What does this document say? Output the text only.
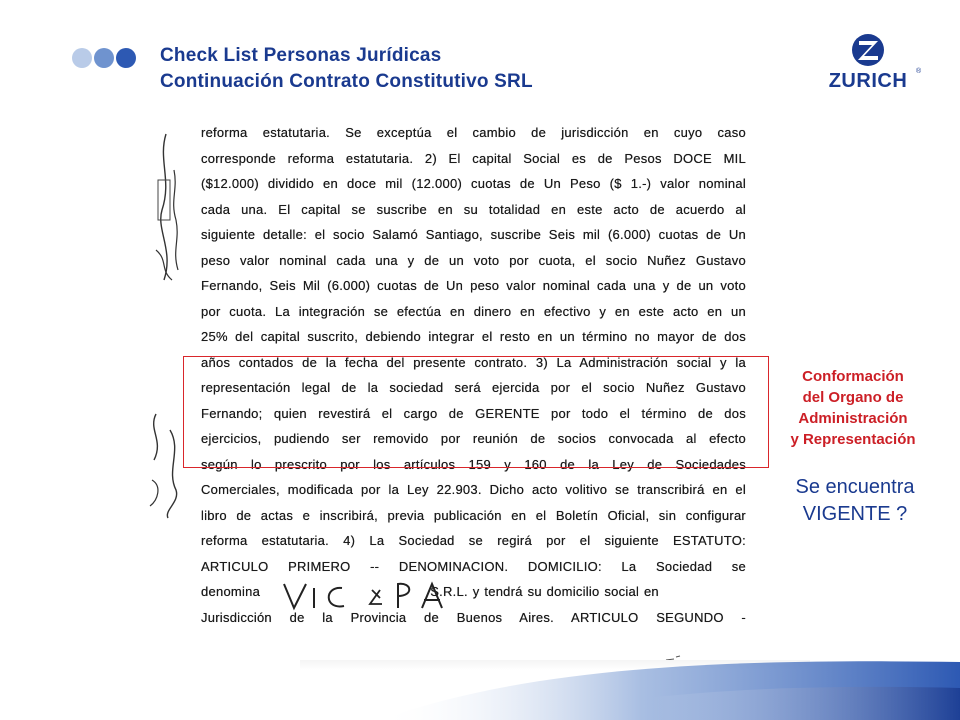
Check List Personas Jurídicas
Continuación Contrato Constitutivo SRL	ZURICH	®
reforma estatutaria. Se exceptúa el cambio de jurisdicción en cuyo caso
corresponde reforma estatutaria. 2) El capital Social es de Pesos DOCE MIL
($12.000) dividido en doce mil (12.000) cuotas de Un Peso ($ 1.-) valor nominal
cada una. El capital se suscribe en su totalidad en este acto de acuerdo al
siguiente detalle: el socio Salamó Santiago, suscribe Seis mil (6.000) cuotas de Un
peso valor nominal cada una y de un voto por cuota, el socio Nuñez Gustavo
Fernando, Seis Mil (6.000) cuotas de Un peso valor nominal cada una y de un voto
por cuota. La integración se efectúa en dinero en efectivo y en este acto en un
25% del capital suscrito, debiendo integrar el resto en un término no mayor de dos
años contados de la fecha del presente contrato. 3) La Administración social y la
representación legal de la sociedad será ejercida por el socio Nuñez Gustavo
Fernando; quien revestirá el cargo de GERENTE por todo el término de dos
ejercicios, pudiendo ser removido por reunión de socios convocada al efecto
según lo prescrito por los artículos 159 y 160 de la Ley de Sociedades
Comerciales, modificada por la Ley 22.903. Dicho acto volitivo se transcribirá en el
libro de actas e inscribirá, previa publicación en el Boletín Oficial, sin configurar
reforma estatutaria. 4) La Sociedad se regirá por el siguiente ESTATUTO:
ARTICULO PRIMERO -- DENOMINACION. DOMICILIO: La Sociedad se
denomina                                   S.R.L. y tendrá su domicilio social en
Jurisdicción de la Provincia de Buenos Aires. ARTICULO SEGUNDO -
Conformación
del Organo de
Administración
y Representación
Se encuentra
VIGENTE ?
